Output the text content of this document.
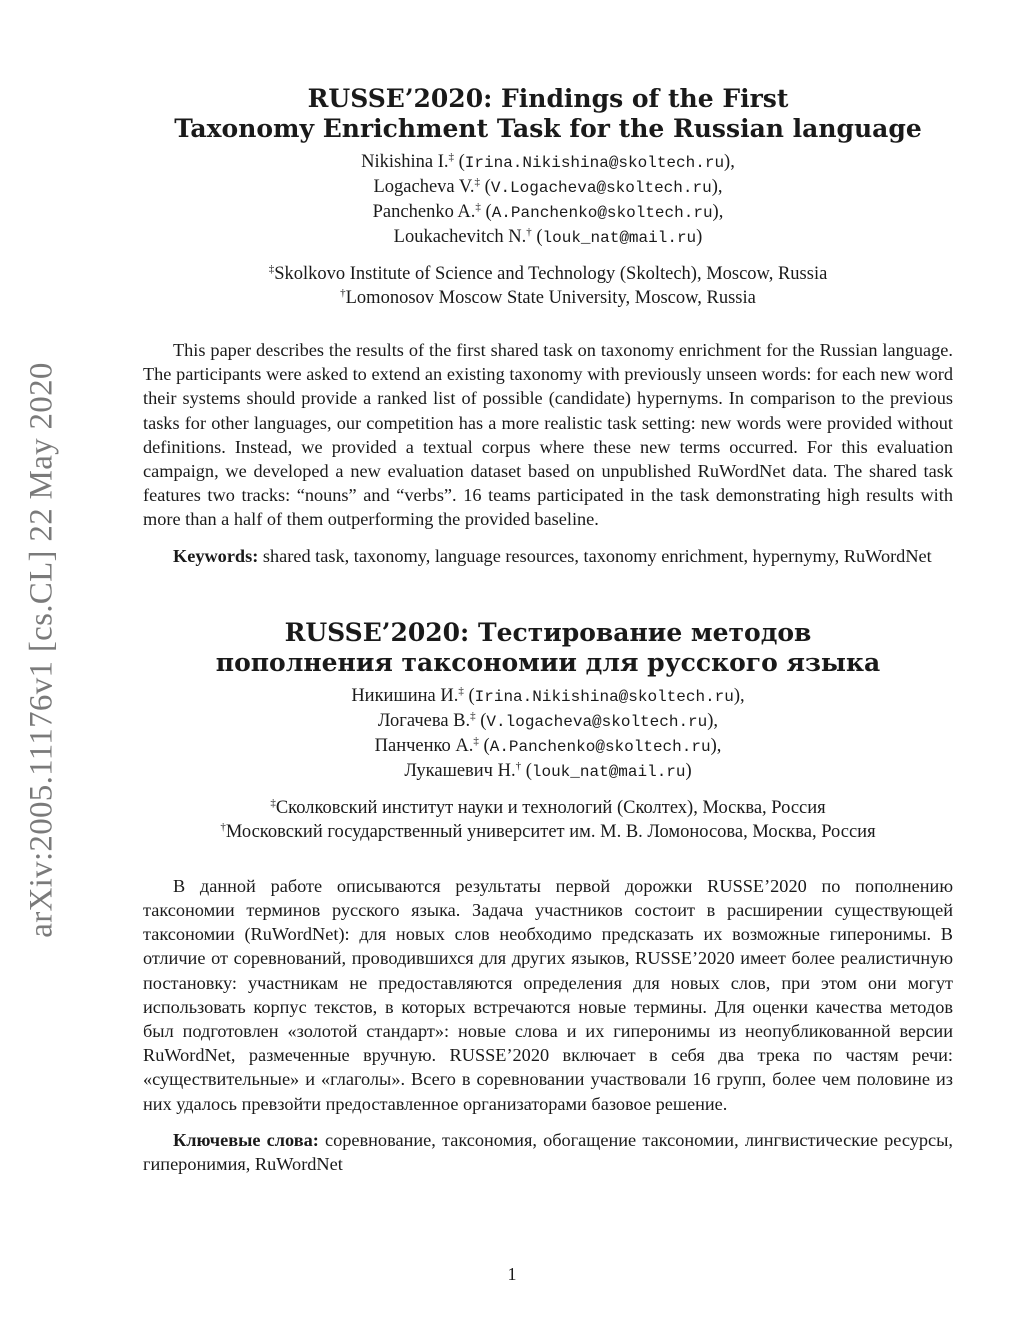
arXiv:2005.11176v1 [cs.CL] 22 May 2020
RUSSE’2020: Findings of the First
Taxonomy Enrichment Task for the Russian language
Nikishina I.‡ (Irina.Nikishina@skoltech.ru),
Logacheva V.‡ (V.Logacheva@skoltech.ru),
Panchenko A.‡ (A.Panchenko@skoltech.ru),
Loukachevitch N.† (louk_nat@mail.ru)
‡Skolkovo Institute of Science and Technology (Skoltech), Moscow, Russia
†Lomonosov Moscow State University, Moscow, Russia

This paper describes the results of the first shared task on taxonomy enrichment for the Russian language. The participants were asked to extend an existing taxonomy with previously unseen words: for each new word their systems should provide a ranked list of possible (candidate) hypernyms. In comparison to the previous tasks for other languages, our competition has a more realistic task setting: new words were provided without definitions. Instead, we provided a textual corpus where these new terms occurred. For this evaluation campaign, we developed a new evaluation dataset based on unpublished RuWordNet data. The shared task features two tracks: “nouns” and “verbs”. 16 teams participated in the task demonstrating high results with more than a half of them outperforming the provided baseline.

Keywords: shared task, taxonomy, language resources, taxonomy enrichment, hypernymy, RuWordNet

RUSSE’2020: Тестирование методов
пополнения таксономии для русского языка
Никишина И.‡ (Irina.Nikishina@skoltech.ru),
Логачева В.‡ (V.logacheva@skoltech.ru),
Панченко А.‡ (A.Panchenko@skoltech.ru),
Лукашевич Н.† (louk_nat@mail.ru)
‡Сколковский институт науки и технологий (Сколтех), Москва, Россия
†Московский государственный университет им. М. В. Ломоносова, Москва, Россия

В данной работе описываются результаты первой дорожки RUSSE’2020 по пополнению таксономии терминов русского языка. Задача участников состоит в расширении существующей таксономии (RuWordNet): для новых слов необходимо предсказать их возможные гиперонимы. В отличие от соревнований, проводившихся для других языков, RUSSE’2020 имеет более реалистичную постановку: участникам не предоставляются определения для новых слов, при этом они могут использовать корпус текстов, в которых встречаются новые термины. Для оценки качества методов был подготовлен «золотой стандарт»: новые слова и их гиперонимы из неопубликованной версии RuWordNet, размеченные вручную. RUSSE’2020 включает в себя два трека по частям речи: «существительные» и «глаголы». Всего в соревновании участвовали 16 групп, более чем половине из них удалось превзойти предоставленное организаторами базовое решение.

Ключевые слова: соревнование, таксономия, обогащение таксономии, лингвистические ресурсы, гиперонимия, RuWordNet

1
